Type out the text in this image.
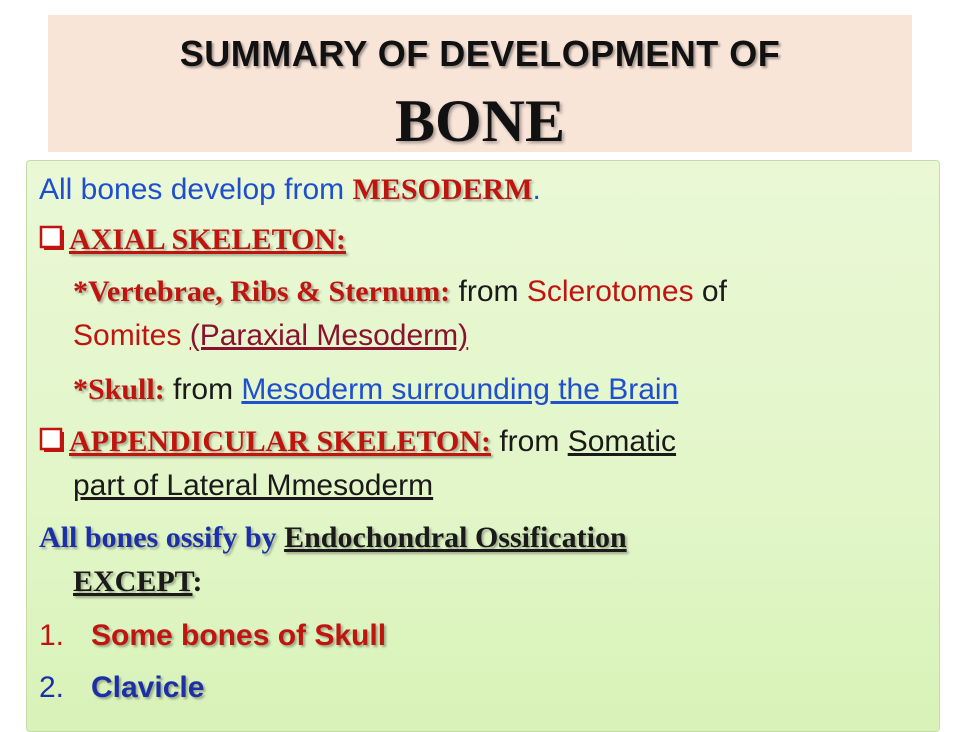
SUMMARY OF DEVELOPMENT OF
BONE
All bones develop from MESODERM.
AXIAL SKELETON:
*Vertebrae, Ribs & Sternum: from Sclerotomes of
Somites (Paraxial Mesoderm)
*Skull: from Mesoderm surrounding the Brain
APPENDICULAR SKELETON: from Somatic
part of Lateral Mmesoderm
All bones ossify by Endochondral Ossification
EXCEPT:
1. Some bones of Skull
2. Clavicle
